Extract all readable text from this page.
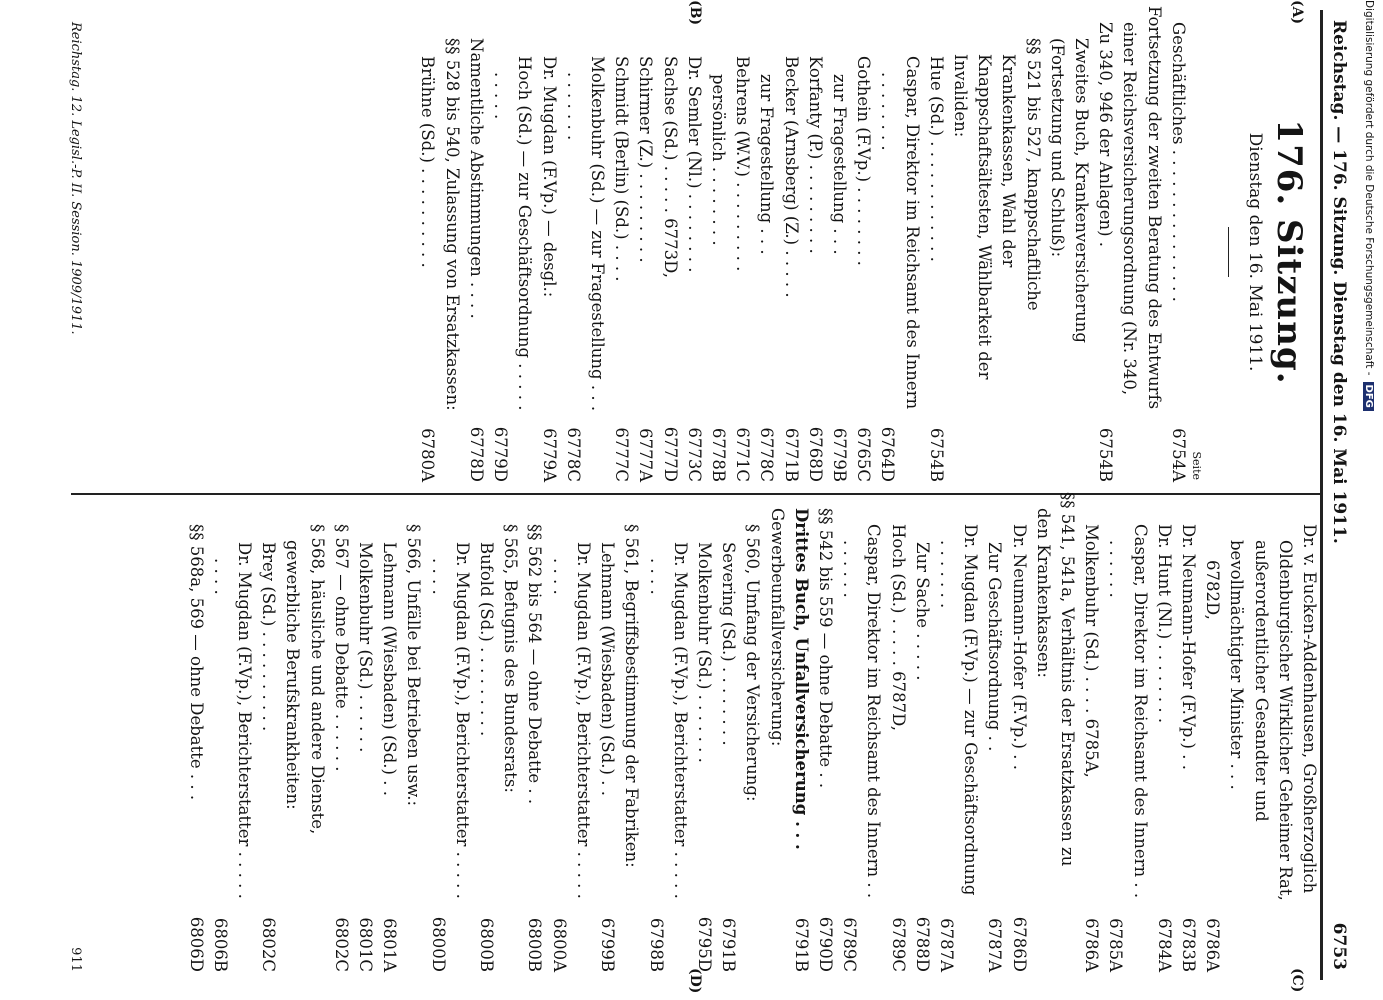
Digitalisierung gefördert durch die Deutsche Forschungsgemeinschaft -DFG
Reichstag. — 176. Sitzung. Dienstag den 16. Mai 1911.
6753
(A)
(B)
(C)
(D)
176. Sitzung.
Dienstag den 16. Mai 1911.
Seite
Geschäftliches . . . . . . . . . . . . . . .
6754A
Fortsetzung der zweiten Beratung des Entwurfs einer Reichsversicherungsordnung (Nr. 340, Zu 340, 946 der Anlagen) .
6754B
Zweites Buch, Krankenversicherung (Fortsetzung und Schluß):
§§ 521 bis 527, knappschaftliche Krankenkassen, Wahl der Knappschaftsältesten, Wählbarkeit der Invaliden:
Hue (Sd.) . . . . . . . . . . . .
6754B
Caspar, Direktor im Reichsamt des Innern . . . . . . . .
6764D
Gothein (F.Vp.) . . . . . . . .
6765C
zur Fragestellung . . .
6779B
Korfanty (P.) . . . . . . . . .
6768D
Becker (Arnsberg) (Z.) . . . . .
6771B
zur Fragestellung . . .
6778C
Behrens (W.V.) . . . . . . . . .
6771C
persönlich . . . . . . . .
6778B
Dr. Semler (Nl.) . . . . . . . .
6773C
Sachse (Sd.) . . . . . 6773D,
6777D
Schirmer (Z.) . . . . . . . . .
6777A
Schmidt (Berlin) (Sd.) . . . .
6777C
Molkenbuhr (Sd.) — zur Fragestellung . . . . . . . . . .
6778C
Dr. Mugdan (F.Vp.) — desgl.:
6779A
Hoch (Sd.) — zur Geschäftsordnung . . . . . . . . . .
6779D
Namentliche Abstimmungen . . . .
6778D
§§ 528 bis 540, Zulassung von Ersatzkassen:
Brühne (Sd.) . . . . . . . . . .
6780A
Dr. v. Eucken-Addenhausen, Großherzoglich Oldenburgischer Wirklicher Geheimer Rat, außerordentlicher Gesandter und bevollmächtigter Minister . . .
6782D,
6786A
Dr. Neumann-Hofer (F.Vp.) . .
6783B
Dr. Hunt (Nl.) . . . . . . . .
6784A
Caspar, Direktor im Reichsamt des Innern . . . . . . . .
6785A
Molkenbuhr (Sd.) . . . . 6785A,
6786A
§§ 541, 541a, Verhältnis der Ersatzkassen zu den Krankenkassen:
Dr. Neumann-Hofer (F.Vp.) . .
6786D
Zur Geschäftsordnung . .
6787A
Dr. Mugdan (F.Vp.) — zur Geschäftsordnung . . . . . . .
6787A
Zur Sache . . . . .
6788D
Hoch (Sd.) . . . . . 6787D,
6789C
Caspar, Direktor im Reichsamt des Innern . . . . . . . .
6789C
§§ 542 bis 559 — ohne Debatte . .
6790D
Drittes Buch, Unfallversicherung . . .
6791B
Gewerbeunfallversicherung:
§ 560, Umfang der Versicherung:
Severing (Sd.) . . . . . . . .
6791B
Molkenbuhr (Sd.) . . . . . . .
6795D
Dr. Mugdan (F.Vp.), Berichterstatter . . . . . . . . .
6798B
§ 561, Begriffsbestimmung der Fabriken:
Lehmann (Wiesbaden) (Sd.) . .
6799B
Dr. Mugdan (F.Vp.), Berichterstatter . . . . . . . . .
6800A
§§ 562 bis 564 — ohne Debatte . .
6800B
§ 565, Befugnis des Bundesrats:
Bufold (Sd.) . . . . . . . . .
6800B
Dr. Mugdan (F.Vp.), Berichterstatter . . . . . . . . .
6800D
§ 566, Unfälle bei Betrieben usw.:
Lehmann (Wiesbaden) (Sd.) . .
6801A
Molkenbuhr (Sd.) . . . . . .
6801C
§ 567 — ohne Debatte . . . . . .
6802C
§ 568, häusliche und andere Dienste, gewerbliche Berufskrankheiten:
Brey (Sd.) . . . . . . . . . .
6802C
Dr. Mugdan (F.Vp.), Berichterstatter . . . . . . . . .
6806B
§§ 568a, 569 — ohne Debatte . . .
6806D
Reichstag. 12. Legisl.-P. II. Session. 1909/1911.
911
